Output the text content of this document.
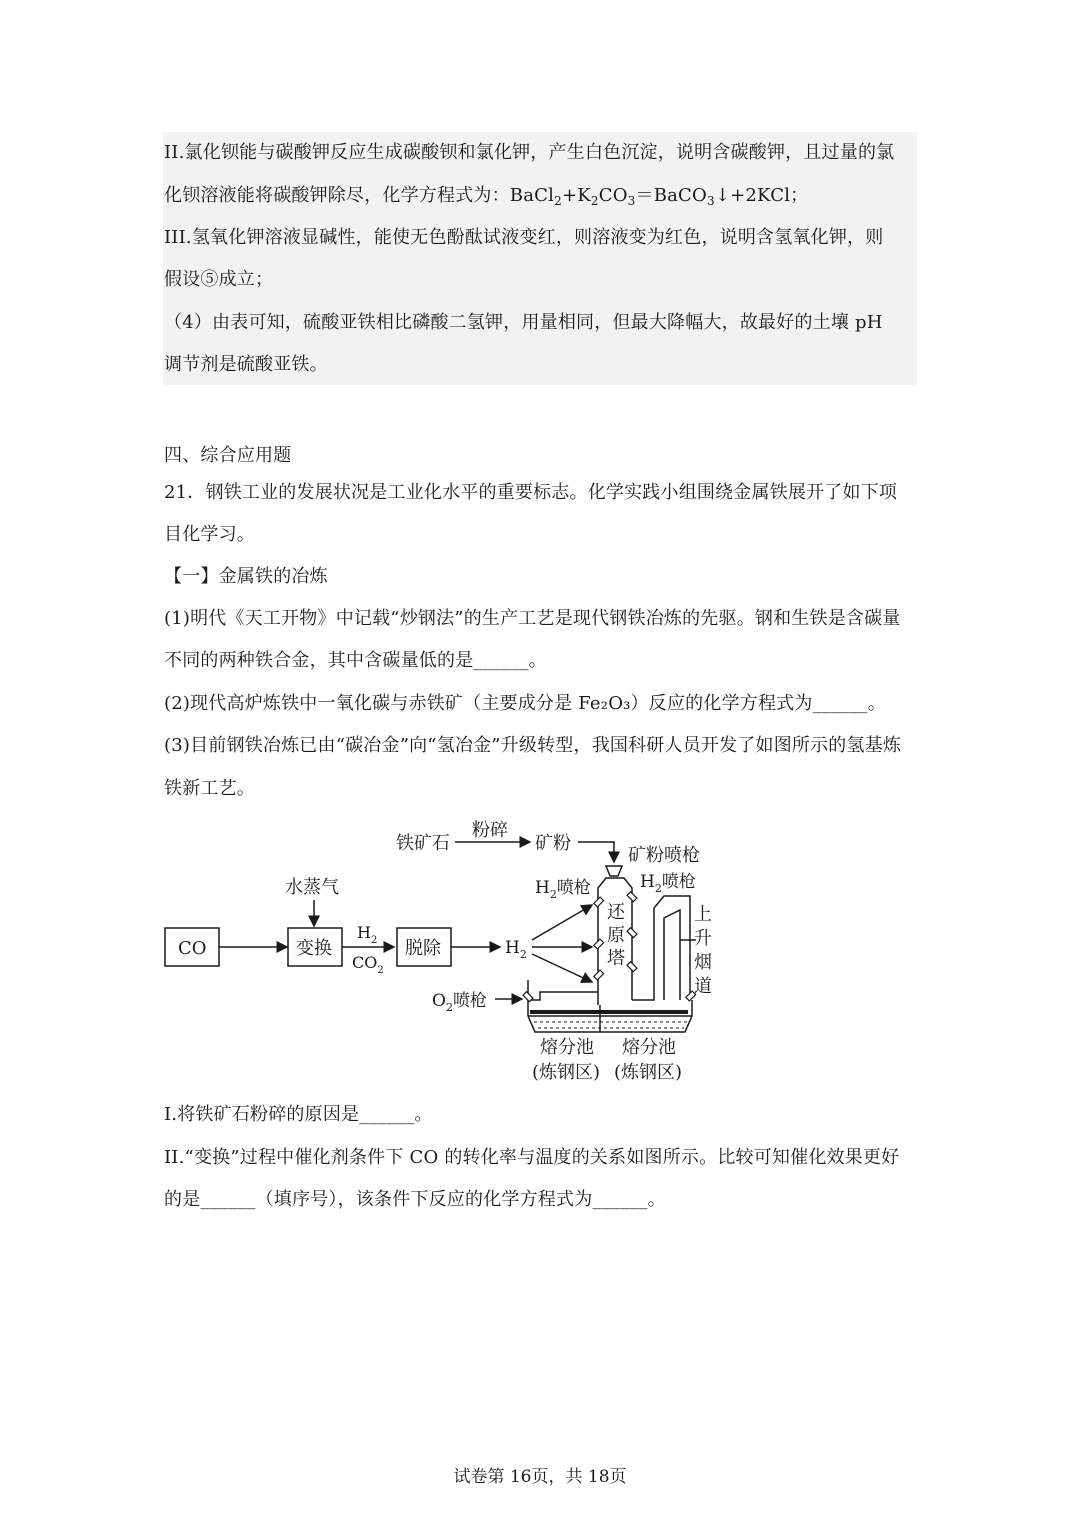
II.氯化钡能与碳酸钾反应生成碳酸钡和氯化钾，产生白色沉淀，说明含碳酸钾，且过量的氯
化钡溶液能将碳酸钾除尽，化学方程式为：$BaCl_2+K_2CO_3=BaCO_3↓+2KCl$；
III.氢氧化钾溶液显碱性，能使无色酚酞试液变红，则溶液变为红色，说明含氢氧化钾，则
假设⑤成立；
（4）由表可知，硫酸亚铁相比磷酸二氢钾，用量相同，但最大降幅大，故最好的土壤 pH
调节剂是硫酸亚铁。
四、综合应用题
21．钢铁工业的发展状况是工业化水平的重要标志。化学实践小组围绕金属铁展开了如下项
目化学习。
【一】金属铁的冶炼
(1)明代《天工开物》中记载“炒钢法”的生产工艺是现代钢铁冶炼的先驱。钢和生铁是含碳量
不同的两种铁合金，其中含碳量低的是______。
(2)现代高炉炼铁中一氧化碳与赤铁矿（主要成分是 Fe₂O₃）反应的化学方程式为______。
(3)目前钢铁冶炼已由“碳冶金”向“氢冶金”升级转型，我国科研人员开发了如图所示的氢基炼
铁新工艺。
铁矿石
粉碎
矿粉
矿粉喷枪
水蒸气	$H_2$喷枪	$H_2$喷枪
CO	变换
$H_2$
$CO_2$
脱除	$H_2$
还
原
塔
上
升
烟
道
$O_2$喷枪
熔分池
(炼钢区)
熔分池
(炼钢区)
I.将铁矿石粉碎的原因是______。
II.“变换”过程中催化剂条件下 CO 的转化率与温度的关系如图所示。比较可知催化效果更好
的是______（填序号），该条件下反应的化学方程式为______。
试卷第 16页，共 18页
